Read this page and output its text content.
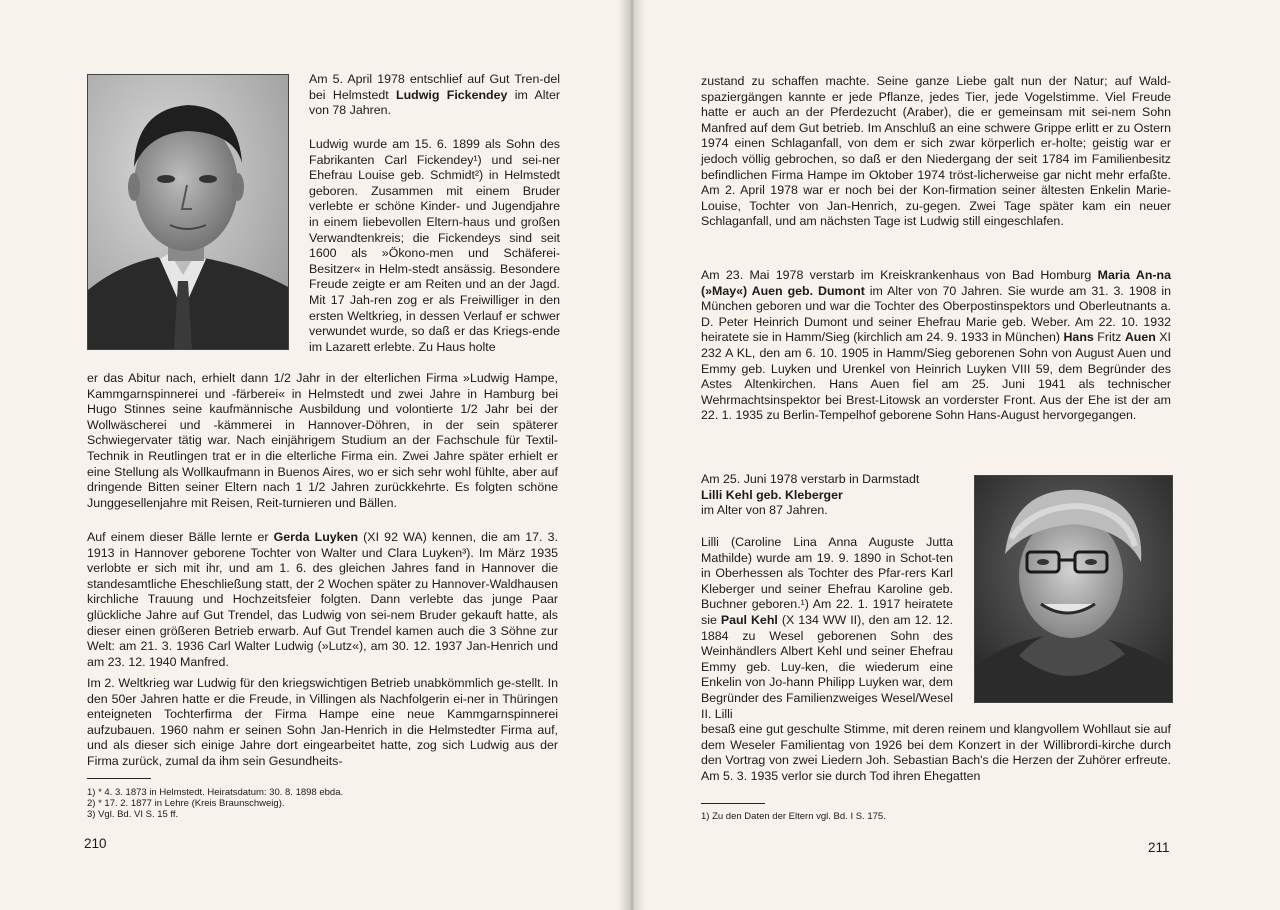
Am 5. April 1978 entschlief auf Gut Tren-del bei Helmstedt Ludwig Fickendey im Alter von 78 Jahren.

Ludwig wurde am 15. 6. 1899 als Sohn des Fabrikanten Carl Fickendey¹) und sei-ner Ehefrau Louise geb. Schmidt²) in Helmstedt geboren. Zusammen mit einem Bruder verlebte er schöne Kinder- und Jugendjahre in einem liebevollen Eltern-haus und großen Verwandtenkreis; die Fickendeys sind seit 1600 als »Ökono-men und Schäferei-Besitzer« in Helm-stedt ansässig. Besondere Freude zeigte er am Reiten und an der Jagd. Mit 17 Jah-ren zog er als Freiwilliger in den ersten Weltkrieg, in dessen Verlauf er schwer verwundet wurde, so daß er das Kriegs-ende im Lazarett erlebte. Zu Haus holte

er das Abitur nach, erhielt dann 1/2 Jahr in der elterlichen Firma »Ludwig Hampe, Kammgarnspinnerei und -färberei« in Helmstedt und zwei Jahre in Hamburg bei Hugo Stinnes seine kaufmännische Ausbildung und volontierte 1/2 Jahr bei der Wollwäscherei und -kämmerei in Hannover-Döhren, in der sein späterer Schwiegervater tätig war. Nach einjährigem Studium an der Fachschule für Textil-Technik in Reutlingen trat er in die elterliche Firma ein. Zwei Jahre später erhielt er eine Stellung als Wollkaufmann in Buenos Aires, wo er sich sehr wohl fühlte, aber auf dringende Bitten seiner Eltern nach 1 1/2 Jahren zurückkehrte. Es folgten schöne Junggesellenjahre mit Reisen, Reit-turnieren und Bällen.

Auf einem dieser Bälle lernte er Gerda Luyken (XI 92 WA) kennen, die am 17. 3. 1913 in Hannover geborene Tochter von Walter und Clara Luyken³). Im März 1935 verlobte er sich mit ihr, und am 1. 6. des gleichen Jahres fand in Hannover die standesamtliche Eheschließung statt, der 2 Wochen später zu Hannover-Waldhausen kirchliche Trauung und Hochzeitsfeier folgten. Dann verlebte das junge Paar glückliche Jahre auf Gut Trendel, das Ludwig von sei-nem Bruder gekauft hatte, als dieser einen größeren Betrieb erwarb. Auf Gut Trendel kamen auch die 3 Söhne zur Welt: am 21. 3. 1936 Carl Walter Ludwig (»Lutz«), am 30. 12. 1937 Jan-Henrich und am 23. 12. 1940 Manfred.

Im 2. Weltkrieg war Ludwig für den kriegswichtigen Betrieb unabkömmlich ge-stellt. In den 50er Jahren hatte er die Freude, in Villingen als Nachfolgerin ei-ner in Thüringen enteigneten Tochterfirma der Firma Hampe eine neue Kammgarnspinnerei aufzubauen. 1960 nahm er seinen Sohn Jan-Henrich in die Helmstedter Firma auf, und als dieser sich einige Jahre dort eingearbeitet hatte, zog sich Ludwig aus der Firma zurück, zumal da ihm sein Gesundheits-

1) * 4. 3. 1873 in Helmstedt. Heiratsdatum: 30. 8. 1898 ebda.

2) * 17. 2. 1877 in Lehre (Kreis Braunschweig).

3) Vgl. Bd. VI S. 15 ff.

210

zustand zu schaffen machte. Seine ganze Liebe galt nun der Natur; auf Wald-spaziergängen kannte er jede Pflanze, jedes Tier, jede Vogelstimme. Viel Freude hatte er auch an der Pferdezucht (Araber), die er gemeinsam mit sei-nem Sohn Manfred auf dem Gut betrieb. Im Anschluß an eine schwere Grippe erlitt er zu Ostern 1974 einen Schlaganfall, von dem er sich zwar körperlich er-holte; geistig war er jedoch völlig gebrochen, so daß er den Niedergang der seit 1784 im Familienbesitz befindlichen Firma Hampe im Oktober 1974 tröst-licherweise gar nicht mehr erfaßte. Am 2. April 1978 war er noch bei der Kon-firmation seiner ältesten Enkelin Marie-Louise, Tochter von Jan-Henrich, zu-gegen. Zwei Tage später kam ein neuer Schlaganfall, und am nächsten Tage ist Ludwig still eingeschlafen.

Am 23. Mai 1978 verstarb im Kreiskrankenhaus von Bad Homburg Maria An-na (»May«) Auen geb. Dumont im Alter von 70 Jahren. Sie wurde am 31. 3. 1908 in München geboren und war die Tochter des Oberpostinspektors und Oberleutnants a. D. Peter Heinrich Dumont und seiner Ehefrau Marie geb. Weber. Am 22. 10. 1932 heiratete sie in Hamm/Sieg (kirchlich am 24. 9. 1933 in München) Hans Fritz Auen XI 232 A KL, den am 6. 10. 1905 in Hamm/Sieg geborenen Sohn von August Auen und Emmy geb. Luyken und Urenkel von Heinrich Luyken VIII 59, dem Begründer des Astes Altenkirchen. Hans Auen fiel am 25. Juni 1941 als technischer Wehrmachtsinspektor bei Brest-Litowsk an vorderster Front. Aus der Ehe ist der am 22. 1. 1935 zu Berlin-Tempelhof geborene Sohn Hans-August hervorgegangen.

Am 25. Juni 1978 verstarb in Darmstadt
Lilli Kehl geb. Kleberger
im Alter von 87 Jahren.

Lilli (Caroline Lina Anna Auguste Jutta Mathilde) wurde am 19. 9. 1890 in Schot-ten in Oberhessen als Tochter des Pfar-rers Karl Kleberger und seiner Ehefrau Karoline geb. Buchner geboren.¹) Am 22. 1. 1917 heiratete sie Paul Kehl (X 134 WW II), den am 12. 12. 1884 zu Wesel geborenen Sohn des Weinhändlers Albert Kehl und seiner Ehefrau Emmy geb. Luy-ken, die wiederum eine Enkelin von Jo-hann Philipp Luyken war, dem Begründer des Familienzweiges Wesel/Wesel II. Lilli

besaß eine gut geschulte Stimme, mit deren reinem und klangvollem Wohllaut sie auf dem Weseler Familientag von 1926 bei dem Konzert in der Willibrordi-kirche durch den Vortrag von zwei Liedern Joh. Sebastian Bach's die Herzen der Zuhörer erfreute. Am 5. 3. 1935 verlor sie durch Tod ihren Ehegatten

1) Zu den Daten der Eltern vgl. Bd. I S. 175.

211
